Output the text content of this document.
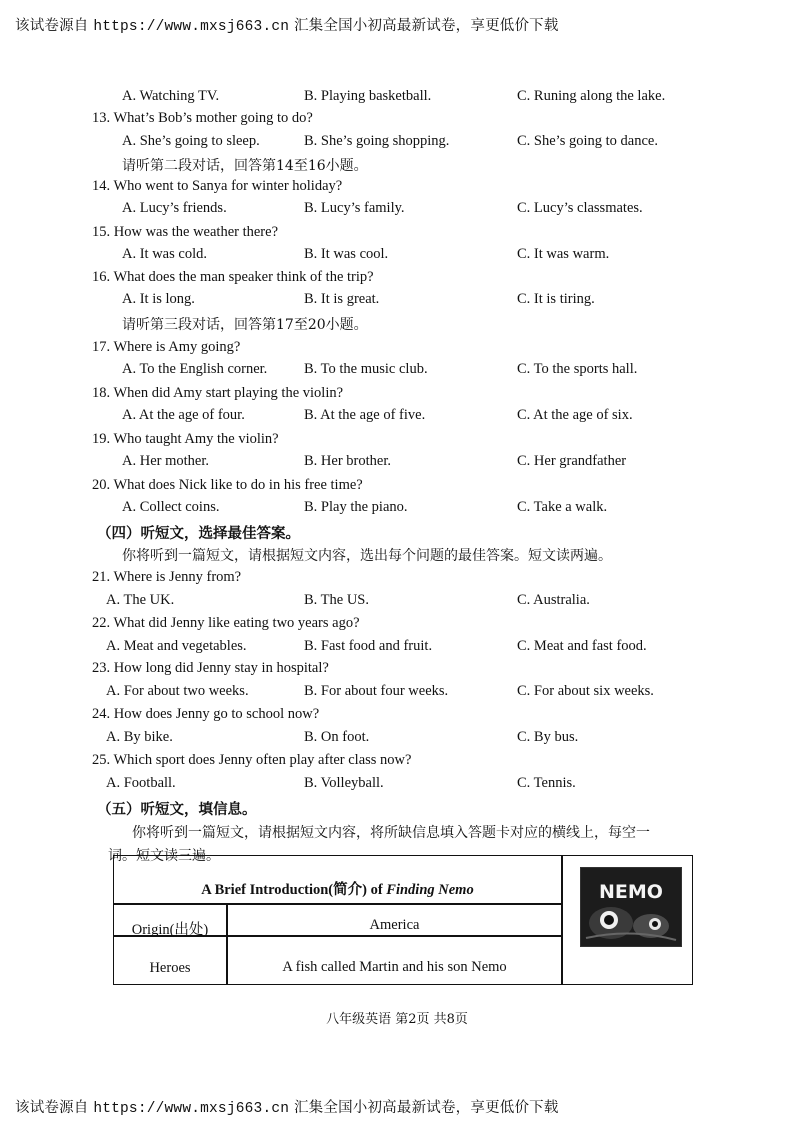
该试卷源自 https://www.mxsj663.cn 汇集全国小初高最新试卷，享更低价下载
A. Watching TV.	B. Playing basketball.	C. Runing along the lake.
13. What’s Bob’s mother going to do?
A. She’s going to sleep.	B. She’s going shopping.	C. She’s going to dance.
请听第二段对话，回答第14至16小题。
14. Who went to Sanya for winter holiday?
A. Lucy’s friends.	B. Lucy’s family.	C. Lucy’s classmates.
15. How was the weather there?
A. It was cold.	B. It was cool.	C. It was warm.
16. What does the man speaker think of the trip?
A. It is long.	B. It is great.	C. It is tiring.
请听第三段对话，回答第17至20小题。
17. Where is Amy going?
A. To the English corner.	B. To the music club.	C. To the sports hall.
18. When did Amy start playing the violin?
A. At the age of four.	B. At the age of five.	C. At the age of six.
19. Who taught Amy the violin?
A. Her mother.	B. Her brother.	C. Her grandfather
20. What does Nick like to do in his free time?
A. Collect coins.	B. Play the piano.	C. Take a walk.
（四）听短文，选择最佳答案。
你将听到一篇短文，请根据短文内容，选出每个问题的最佳答案。短文读两遍。
21. Where is Jenny from?
A. The UK.	B. The US.	C. Australia.
22. What did Jenny like eating two years ago?
A. Meat and vegetables.	B. Fast food and fruit.	C. Meat and fast food.
23. How long did Jenny stay in hospital?
A. For about two weeks.	B. For about four weeks.	C. For about six weeks.
24. How does Jenny go to school now?
A. By bike.	B. On foot.	C. By bus.
25. Which sport does Jenny often play after class now?
A. Football.	B. Volleyball.	C. Tennis.
（五）听短文，填信息。
你将听到一篇短文，请根据短文内容，将所缺信息填入答题卡对应的横线上，每空一
词。短文读三遍。
A Brief Introduction(简介) of Finding Nemo
Origin(出处)	America
Heroes	A fish called Martin and his son Nemo
NEMO
八年级英语 第2页 共8页
该试卷源自 https://www.mxsj663.cn 汇集全国小初高最新试卷，享更低价下载
